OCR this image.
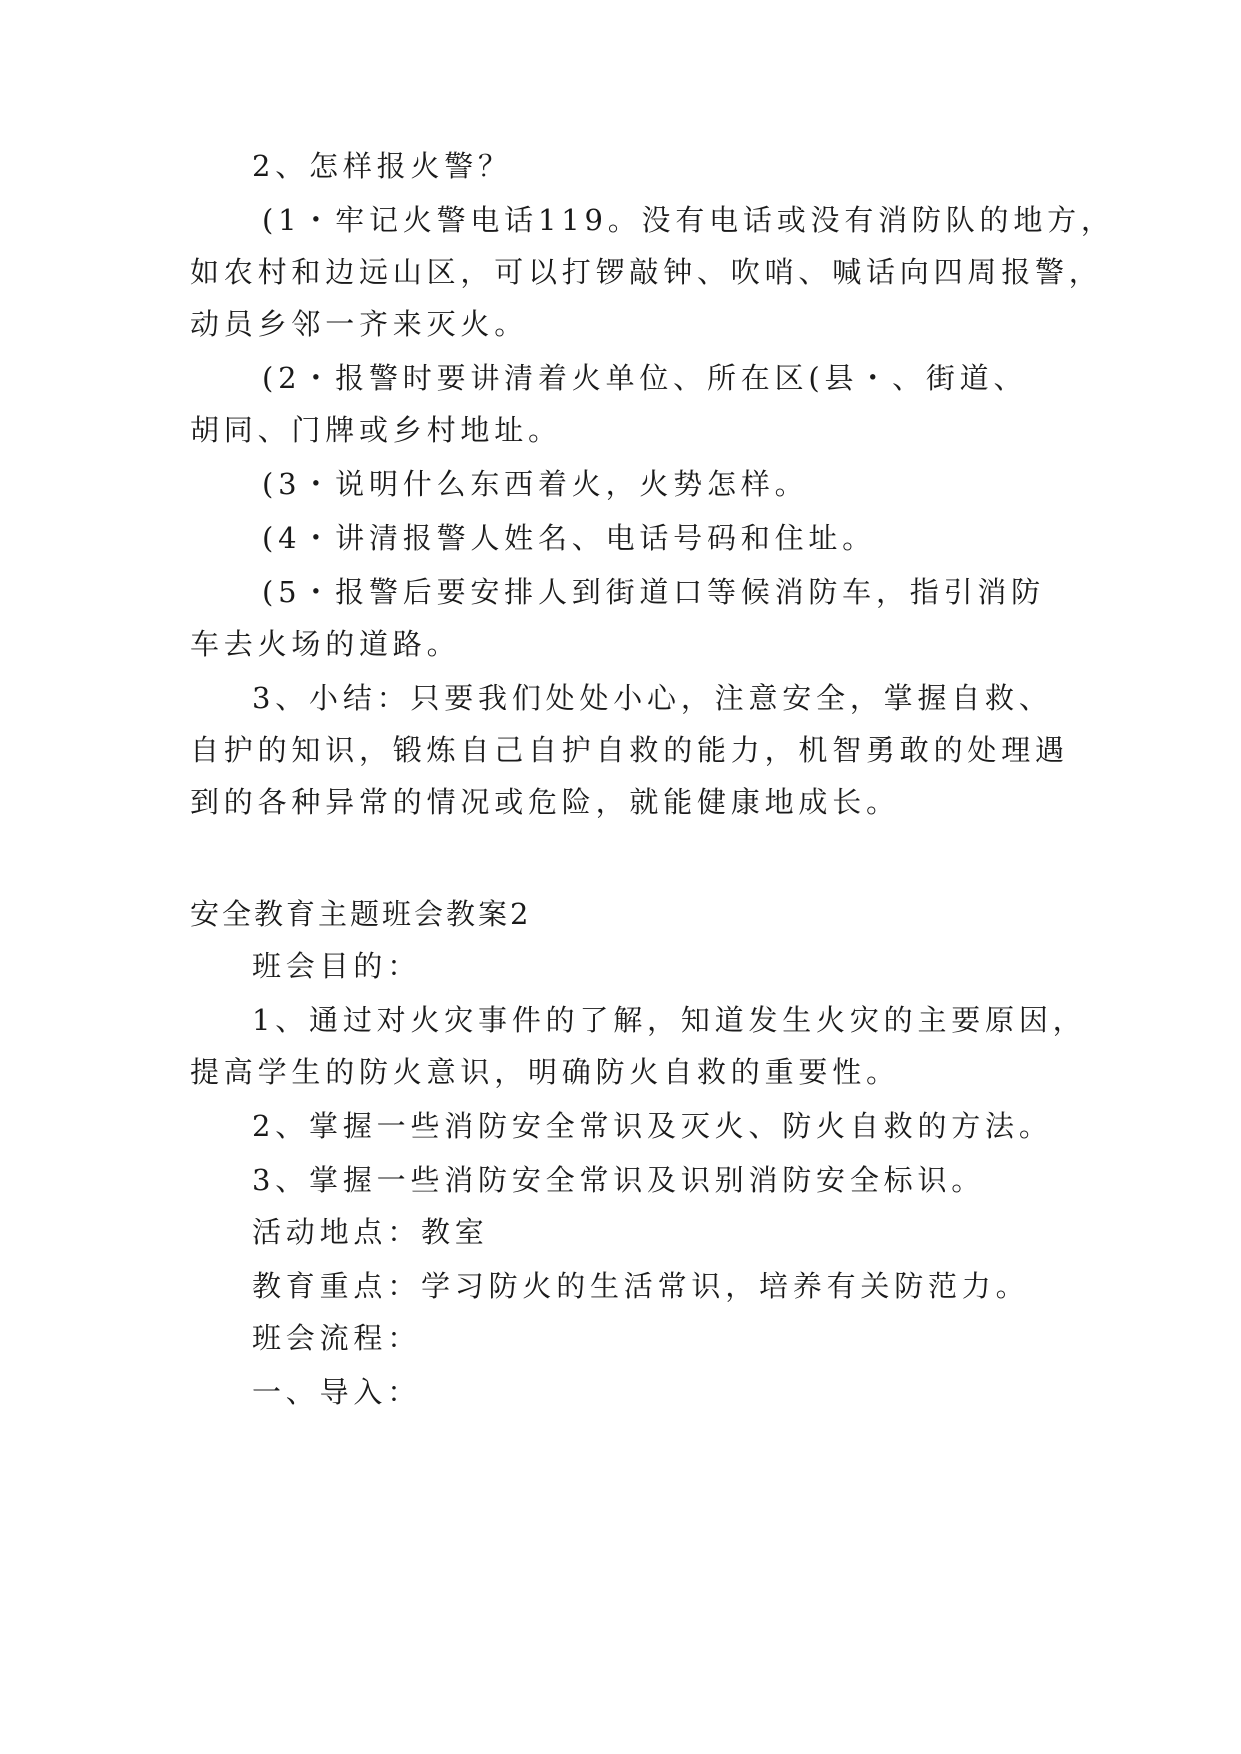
2、怎样报火警？
(1・牢记火警电话119。没有电话或没有消防队的地方，
如农村和边远山区，可以打锣敲钟、吹哨、喊话向四周报警，
动员乡邻一齐来灭火。
(2・报警时要讲清着火单位、所在区(县・、街道、
胡同、门牌或乡村地址。
(3・说明什么东西着火，火势怎样。
(4・讲清报警人姓名、电话号码和住址。
(5・报警后要安排人到街道口等候消防车，指引消防
车去火场的道路。
3、小结：只要我们处处小心，注意安全，掌握自救、
自护的知识，锻炼自己自护自救的能力，机智勇敢的处理遇
到的各种异常的情况或危险，就能健康地成长。
安全教育主题班会教案2
班会目的：
1、通过对火灾事件的了解，知道发生火灾的主要原因，
提高学生的防火意识，明确防火自救的重要性。
2、掌握一些消防安全常识及灭火、防火自救的方法。
3、掌握一些消防安全常识及识别消防安全标识。
活动地点：教室
教育重点：学习防火的生活常识，培养有关防范力。
班会流程：
一、导入：
